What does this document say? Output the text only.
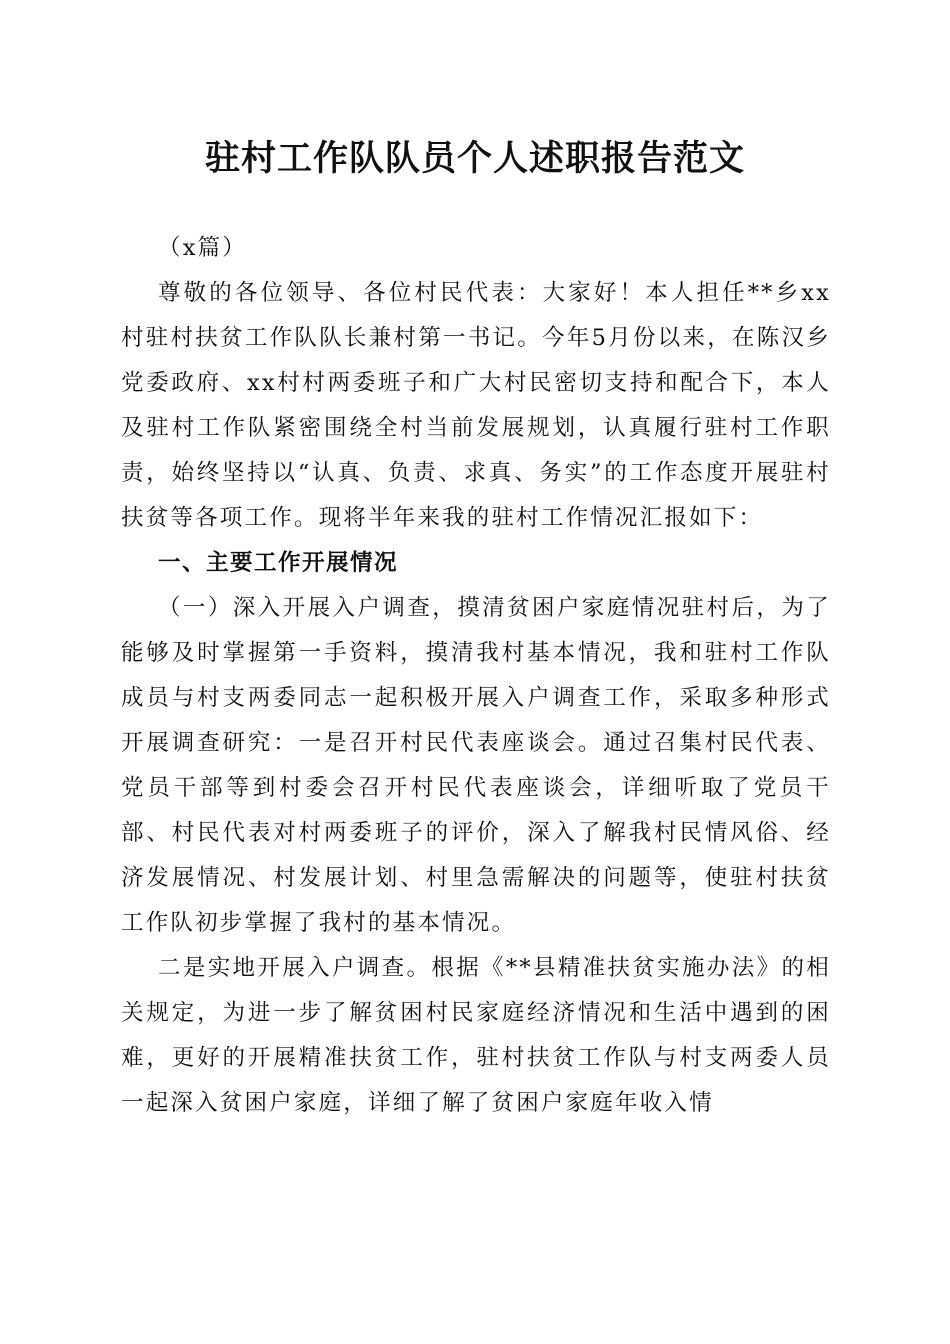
驻村工作队队员个人述职报告范文

（x篇）

尊敬的各位领导、各位村民代表：大家好！本人担任**乡xx村驻村扶贫工作队队长兼村第一书记。今年5月份以来，在陈汉乡党委政府、xx村村两委班子和广大村民密切支持和配合下，本人及驻村工作队紧密围绕全村当前发展规划，认真履行驻村工作职责，始终坚持以“认真、负责、求真、务实”的工作态度开展驻村扶贫等各项工作。现将半年来我的驻村工作情况汇报如下：

一、主要工作开展情况

（一）深入开展入户调查，摸清贫困户家庭情况驻村后，为了能够及时掌握第一手资料，摸清我村基本情况，我和驻村工作队成员与村支两委同志一起积极开展入户调查工作，采取多种形式开展调查研究：一是召开村民代表座谈会。通过召集村民代表、党员干部等到村委会召开村民代表座谈会，详细听取了党员干部、村民代表对村两委班子的评价，深入了解我村民情风俗、经济发展情况、村发展计划、村里急需解决的问题等，使驻村扶贫工作队初步掌握了我村的基本情况。

二是实地开展入户调查。根据《**县精准扶贫实施办法》的相关规定，为进一步了解贫困村民家庭经济情况和生活中遇到的困难，更好的开展精准扶贫工作，驻村扶贫工作队与村支两委人员一起深入贫困户家庭，详细了解了贫困户家庭年收入情
